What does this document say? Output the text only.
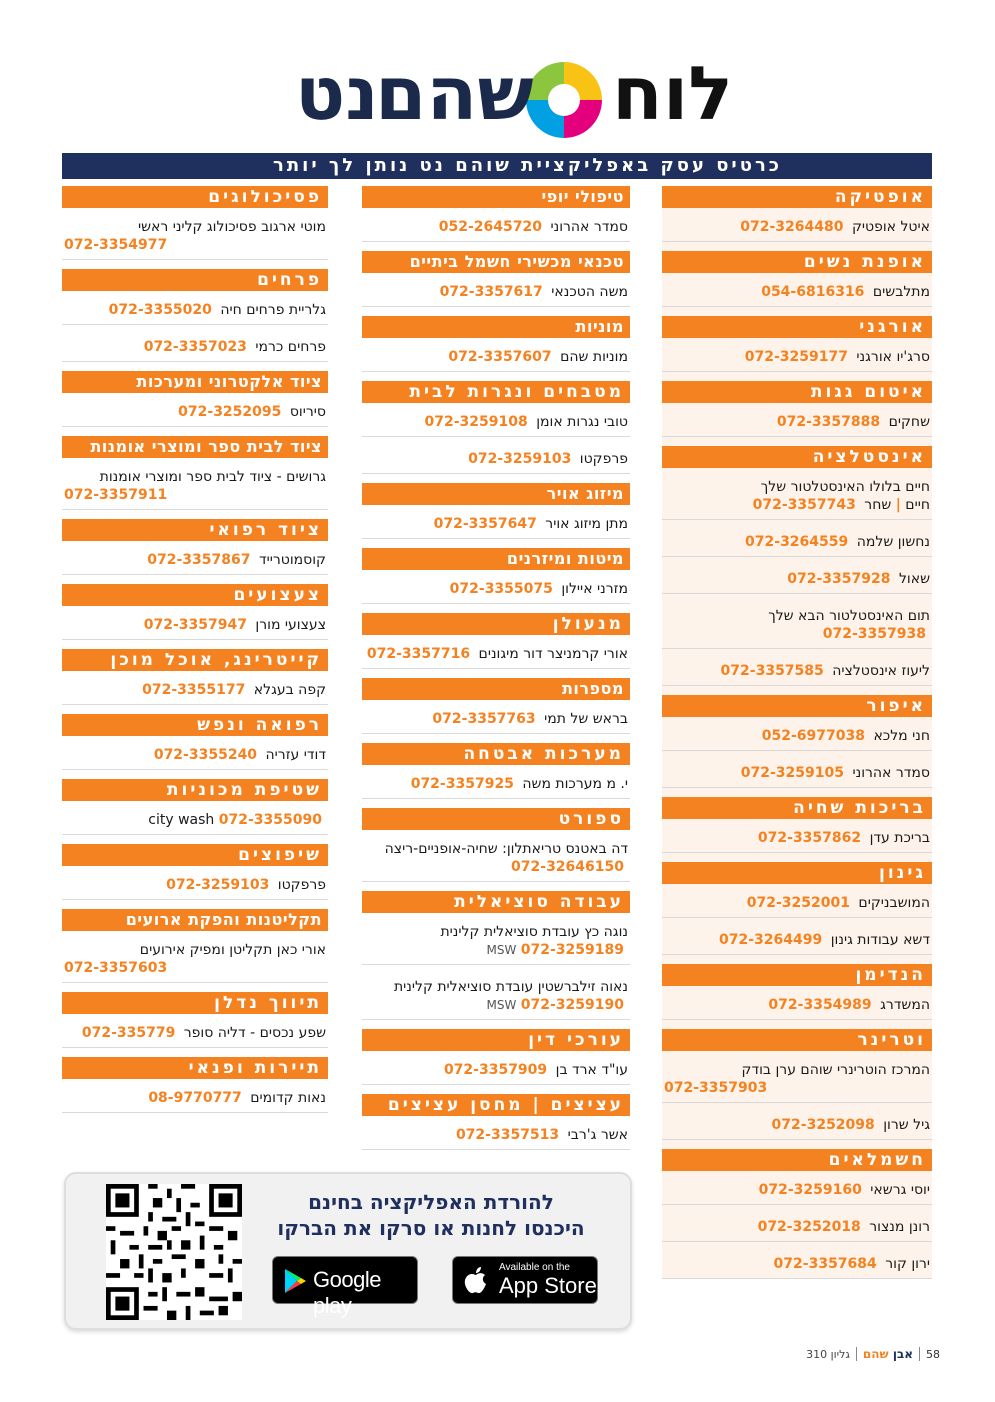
לוח
שהם
נט
כרטיס עסק באפליקציית שוהם נט נותן לך יותר
אופטיקה
איטל אופטיק 072-3264480
אופנת נשים
מתלבשים 054-6816316
אורגני
סרג'יו אורגני 072-3259177
איטום גגות
שחקים 072-3357888
אינסטלציה
חיים בלולו האינסטלטור שלך
חיים | שחר 072-3357743
נחשון שלמה 072-3264559
שאול 072-3357928
תום האינסטלטור הבא שלך 072-3357938
ליעוז אינסטלציה 072-3357585
איפור
חני מלכא 052-6977038
סמדר אהרוני 072-3259105
בריכות שחיה
בריכת עדן 072-3357862
גינון
המושבניקים 072-3252001
דשא עבודות גינון 072-3264499
הנדימן
המשדרג 072-3354989
וטרינר
המרכז הוטרינרי שוהם ערן בודק
072-3357903
גיל שרון 072-3252098
חשמלאים
יוסי גרשאי 072-3259160
רונן מנצור 072-3252018
ירון קור 072-3357684
טיפולי יופי
סמדר אהרוני 052-2645720
טכנאי מכשירי חשמל ביתיים
משה הטכנאי 072-3357617
מוניות
מוניות שהם 072-3357607
מטבחים ונגרות לבית
טובי נגרות אומן 072-3259108
פרפקטו 072-3259103
מיזוג אויר
מתן מיזוג אויר 072-3357647
מיטות ומיזרנים
מזרני איילון 072-3355075
מנעולן
אורי קרמניצר דור מיגונים 072-3357716
מספרות
בראש של תמי 072-3357763
מערכות אבטחה
י. מ מערכות משה 072-3357925
ספורט
דה באטנס טריאתלון: שחיה-אופניים-ריצה 072-32646150
עבודה סוציאלית
נוגה כץ עובדת סוציאלית קלינית
MSW 072-3259189
נאוה זילברשטין עובדת סוציאלית קלינית
MSW 072-3259190
עורכי דין
עו"ד ארד בן 072-3357909
עציצים | מחסן עציצים
אשר ג'רבי 072-3357513
פסיכולוגים
מוטי ארגוב פסיכולוג קליני ראשי
072-3354977
פרחים
גלריית פרחים חיה 072-3355020
פרחים כרמי 072-3357023
ציוד אלקטרוני ומערכות
סיריוס 072-3252095
ציוד לבית ספר ומוצרי אומנות
גרושים - ציוד לבית ספר ומוצרי אומנות
072-3357911
ציוד רפואי
קוסמוטרייד 072-3357867
צעצועים
צעצועי מורן 072-3357947
קייטרינג, אוכל מוכן
קפה בעגלא 072-3355177
רפואה ונפש
דודי עזריה 072-3355240
שטיפת מכוניות
city wash 072-3355090
שיפוצים
פרפקטו 072-3259103
תקליטנות והפקת ארועים
אורי כאן תקליטן ומפיק אירועים
072-3357603
תיווך נדלן
שפע נכסים - דליה סופר 072-335779
תיירות ופנאי
נאות קדומים 08-9770777
להורדת האפליקציה בחינם
היכנסו לחנות או סרקו את הברקו
Google play
Available on the
App Store
58
אבן שהם
גליון 310
